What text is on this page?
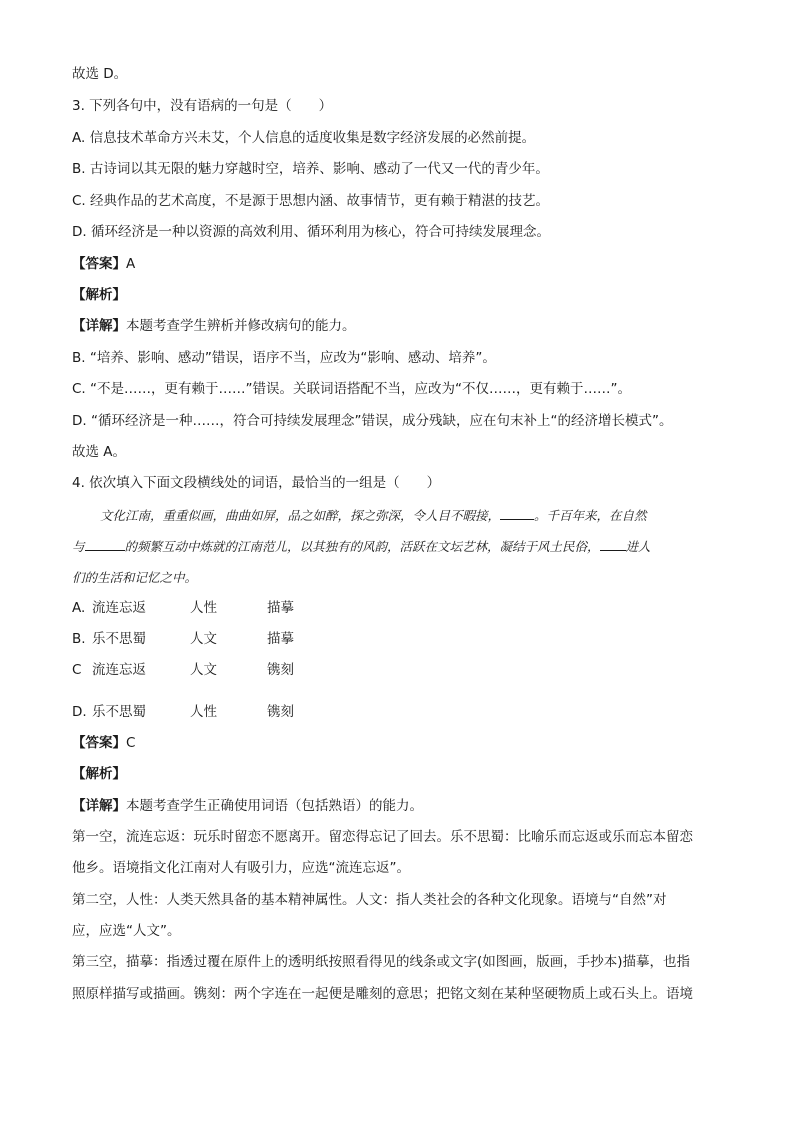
故选 D。
3. 下列各句中，没有语病的一句是（　　）
A. 信息技术革命方兴未艾，个人信息的适度收集是数字经济发展的必然前提。
B. 古诗词以其无限的魅力穿越时空，培养、影响、感动了一代又一代的青少年。
C. 经典作品的艺术高度，不是源于思想内涵、故事情节，更有赖于精湛的技艺。
D. 循环经济是一种以资源的高效利用、循环利用为核心，符合可持续发展理念。
【答案】A
【解析】
【详解】本题考查学生辨析并修改病句的能力。
B. “培养、影响、感动”错误，语序不当，应改为“影响、感动、培养”。
C. “不是……，更有赖于……”错误。关联词语搭配不当，应改为“不仅……，更有赖于……”。
D. “循环经济是一种……，符合可持续发展理念”错误，成分残缺，应在句末补上“的经济增长模式”。
故选 A。
4. 依次填入下面文段横线处的词语，最恰当的一组是（　　）
文化江南，重重似画，曲曲如屏，品之如醉，探之弥深，令人目不暇接，	。千百年来，在自然
与	的频繁互动中炼就的江南范儿，以其独有的风韵，活跃在文坛艺林，凝结于风土民俗， 进人
们的生活和记忆之中。
A. 流连忘返	人性	描摹
B. 乐不思蜀	人文	描摹
C 流连忘返	人文	镌刻
D. 乐不思蜀	人性	镌刻
【答案】C
【解析】
【详解】本题考查学生正确使用词语（包括熟语）的能力。
第一空，流连忘返：玩乐时留恋不愿离开。留恋得忘记了回去。乐不思蜀：比喻乐而忘返或乐而忘本留恋
他乡。语境指文化江南对人有吸引力，应选“流连忘返”。
第二空，人性：人类天然具备的基本精神属性。人文：指人类社会的各种文化现象。语境与“自然”对
应，应选“人文”。
第三空，描摹：指透过覆在原件上的透明纸按照看得见的线条或文字(如图画，版画，手抄本)描摹，也指
照原样描写或描画。镌刻：两个字连在一起便是雕刻的意思；把铭文刻在某种坚硬物质上或石头上。语境
